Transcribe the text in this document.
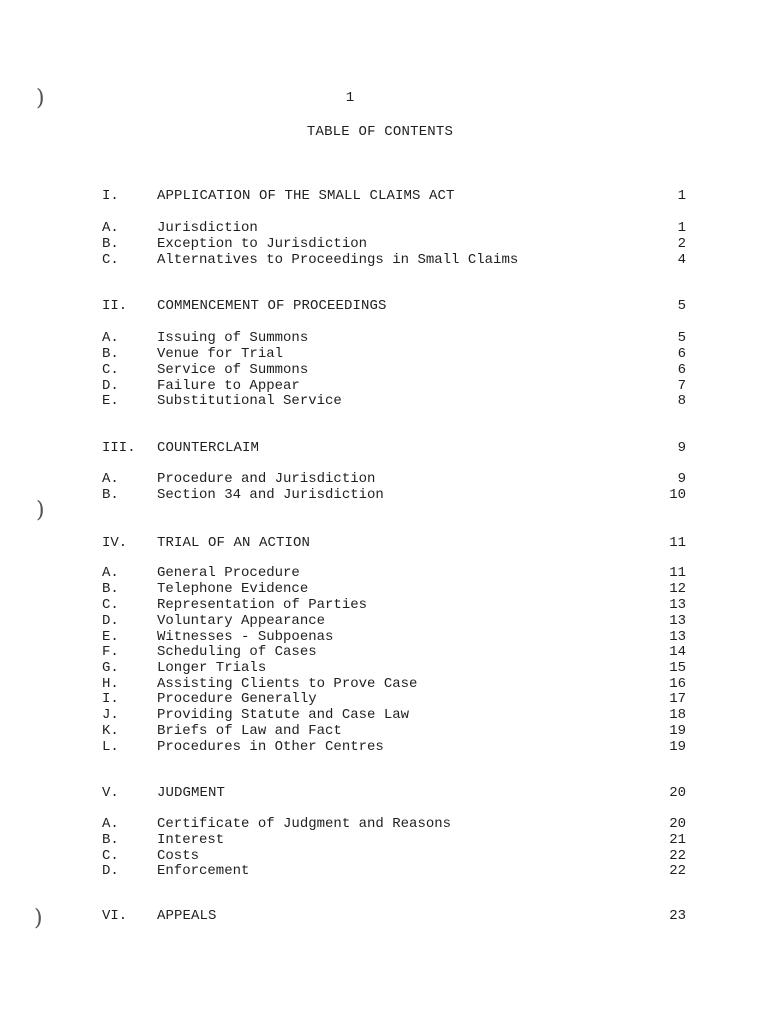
)
)
)
1
TABLE OF CONTENTS
I.	APPLICATION OF THE SMALL CLAIMS ACT	1
A.	Jurisdiction	1
B.	Exception to Jurisdiction	2
C.	Alternatives to Proceedings in Small Claims	4
II. COMMENCEMENT OF PROCEEDINGS	5
A.	Issuing of Summons	5
B.	Venue for Trial	6
C.	Service of Summons	6
D.	Failure to Appear	7
E.	Substitutional Service	8
III. COUNTERCLAIM	9
A.	Procedure and Jurisdiction	9
B.	Section 34 and Jurisdiction	10
IV. TRIAL OF AN ACTION	11
A.	General Procedure	11
B.	Telephone Evidence	12
C.	Representation of Parties	13
D.	Voluntary Appearance	13
E.	Witnesses - Subpoenas	13
F.	Scheduling of Cases	14
G.	Longer Trials	15
H.	Assisting Clients to Prove Case	16
I.	Procedure Generally	17
J.	Providing Statute and Case Law	18
K.	Briefs of Law and Fact	19
L.	Procedures in Other Centres	19
V.	JUDGMENT	20
A.	Certificate of Judgment and Reasons	20
B.	Interest	21
C.	Costs	22
D.	Enforcement	22
VI. APPEALS	23
